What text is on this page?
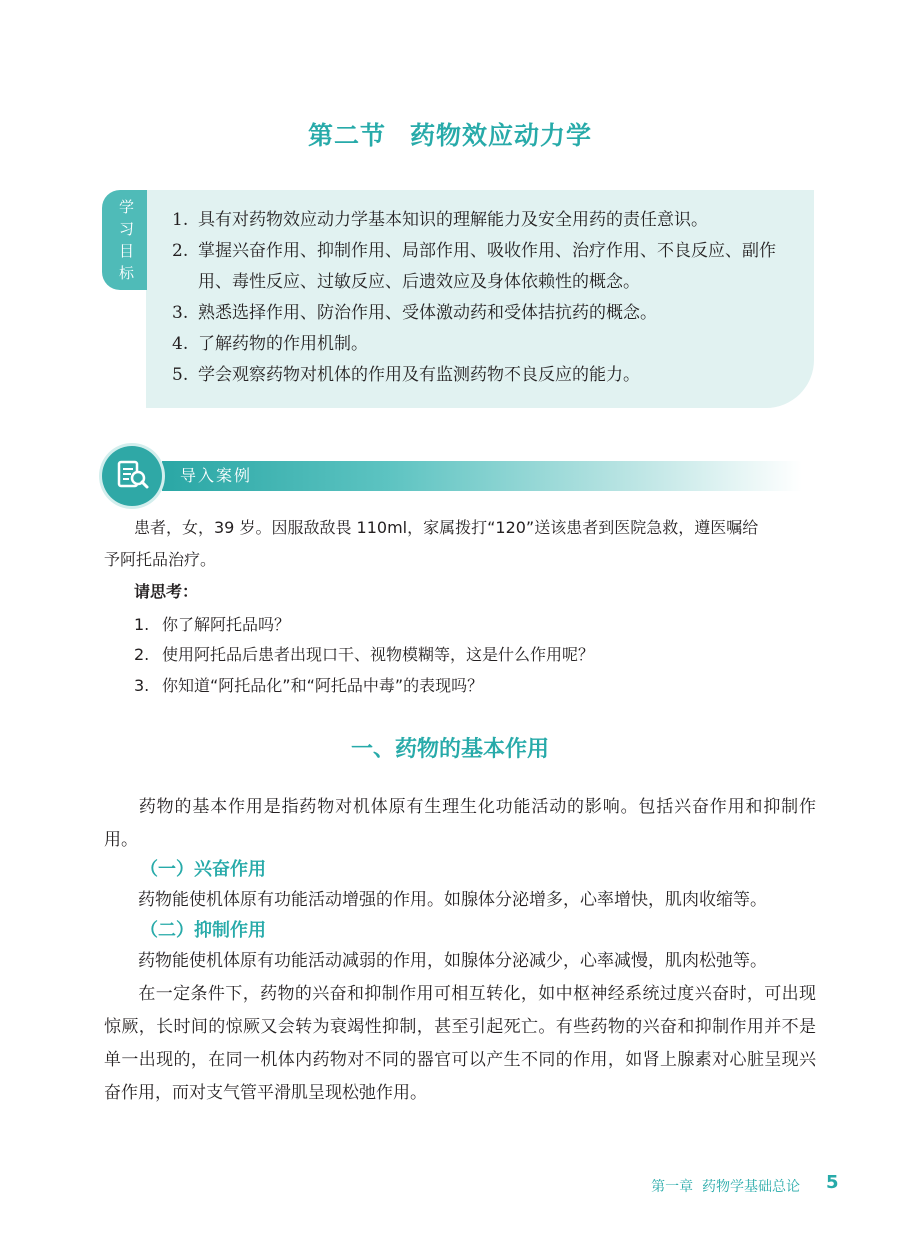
第二节 药物效应动力学
学
习
目
标
1. 具有对药物效应动力学基本知识的理解能力及安全用药的责任意识。
2. 掌握兴奋作用、抑制作用、局部作用、吸收作用、治疗作用、不良反应、副作用、毒性反应、过敏反应、后遗效应及身体依赖性的概念。
3. 熟悉选择作用、防治作用、受体激动药和受体拮抗药的概念。
4. 了解药物的作用机制。
5. 学会观察药物对机体的作用及有监测药物不良反应的能力。
导入案例
患者，女，39 岁。因服敌敌畏 110ml，家属拨打“120”送该患者到医院急救，遵医嘱给
予阿托品治疗。
请思考：
1. 你了解阿托品吗？
2. 使用阿托品后患者出现口干、视物模糊等，这是什么作用呢？
3. 你知道“阿托品化”和“阿托品中毒”的表现吗？
一、药物的基本作用
药物的基本作用是指药物对机体原有生理生化功能活动的影响。包括兴奋作用和抑制作用。
（一）兴奋作用
药物能使机体原有功能活动增强的作用。如腺体分泌增多，心率增快，肌肉收缩等。
（二）抑制作用
药物能使机体原有功能活动减弱的作用，如腺体分泌减少，心率减慢，肌肉松弛等。
在一定条件下，药物的兴奋和抑制作用可相互转化，如中枢神经系统过度兴奋时，可出现惊厥，长时间的惊厥又会转为衰竭性抑制，甚至引起死亡。有些药物的兴奋和抑制作用并不是单一出现的，在同一机体内药物对不同的器官可以产生不同的作用，如肾上腺素对心脏呈现兴奋作用，而对支气管平滑肌呈现松弛作用。
第一章 药物学基础总论 5
